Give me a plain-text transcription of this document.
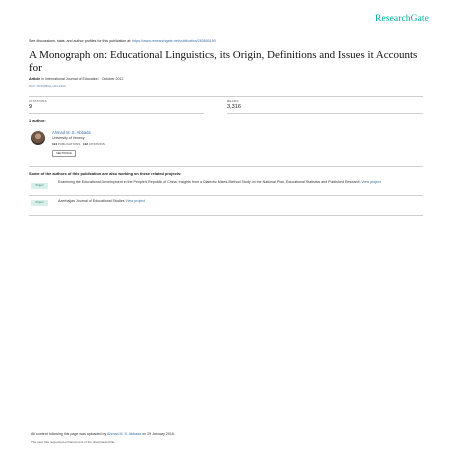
ResearchGate
See discussions, stats, and author profiles for this publication at: https://www.researchgate.net/publication/283650190
A Monograph on: Educational Linguistics, its Origin, Definitions and Issues it Accounts for
Article in International Journal of Education · October 2012
DOI: 10.5296/ije.v4i4.2443
CITATIONS
9
READS
3,316
1 author:
Ahmad M. S. Abbada
University of Venecy
114 PUBLICATIONS 112 CITATIONS
SEE PROFILE
Some of the authors of this publication are also working on these related projects:
Project

Examining the Educational Development in the People's Republic of China: Insights from a Dialectic Mixed-Method Study on the National Plan, Educational Statistics and Published Research View project

Project	Azerbaijan Journal of Educational Studies View project

All content following this page was uploaded by Ahmad M. S. Abbada on 29 January 2016.
The user has requested enhancement of the downloaded file.
